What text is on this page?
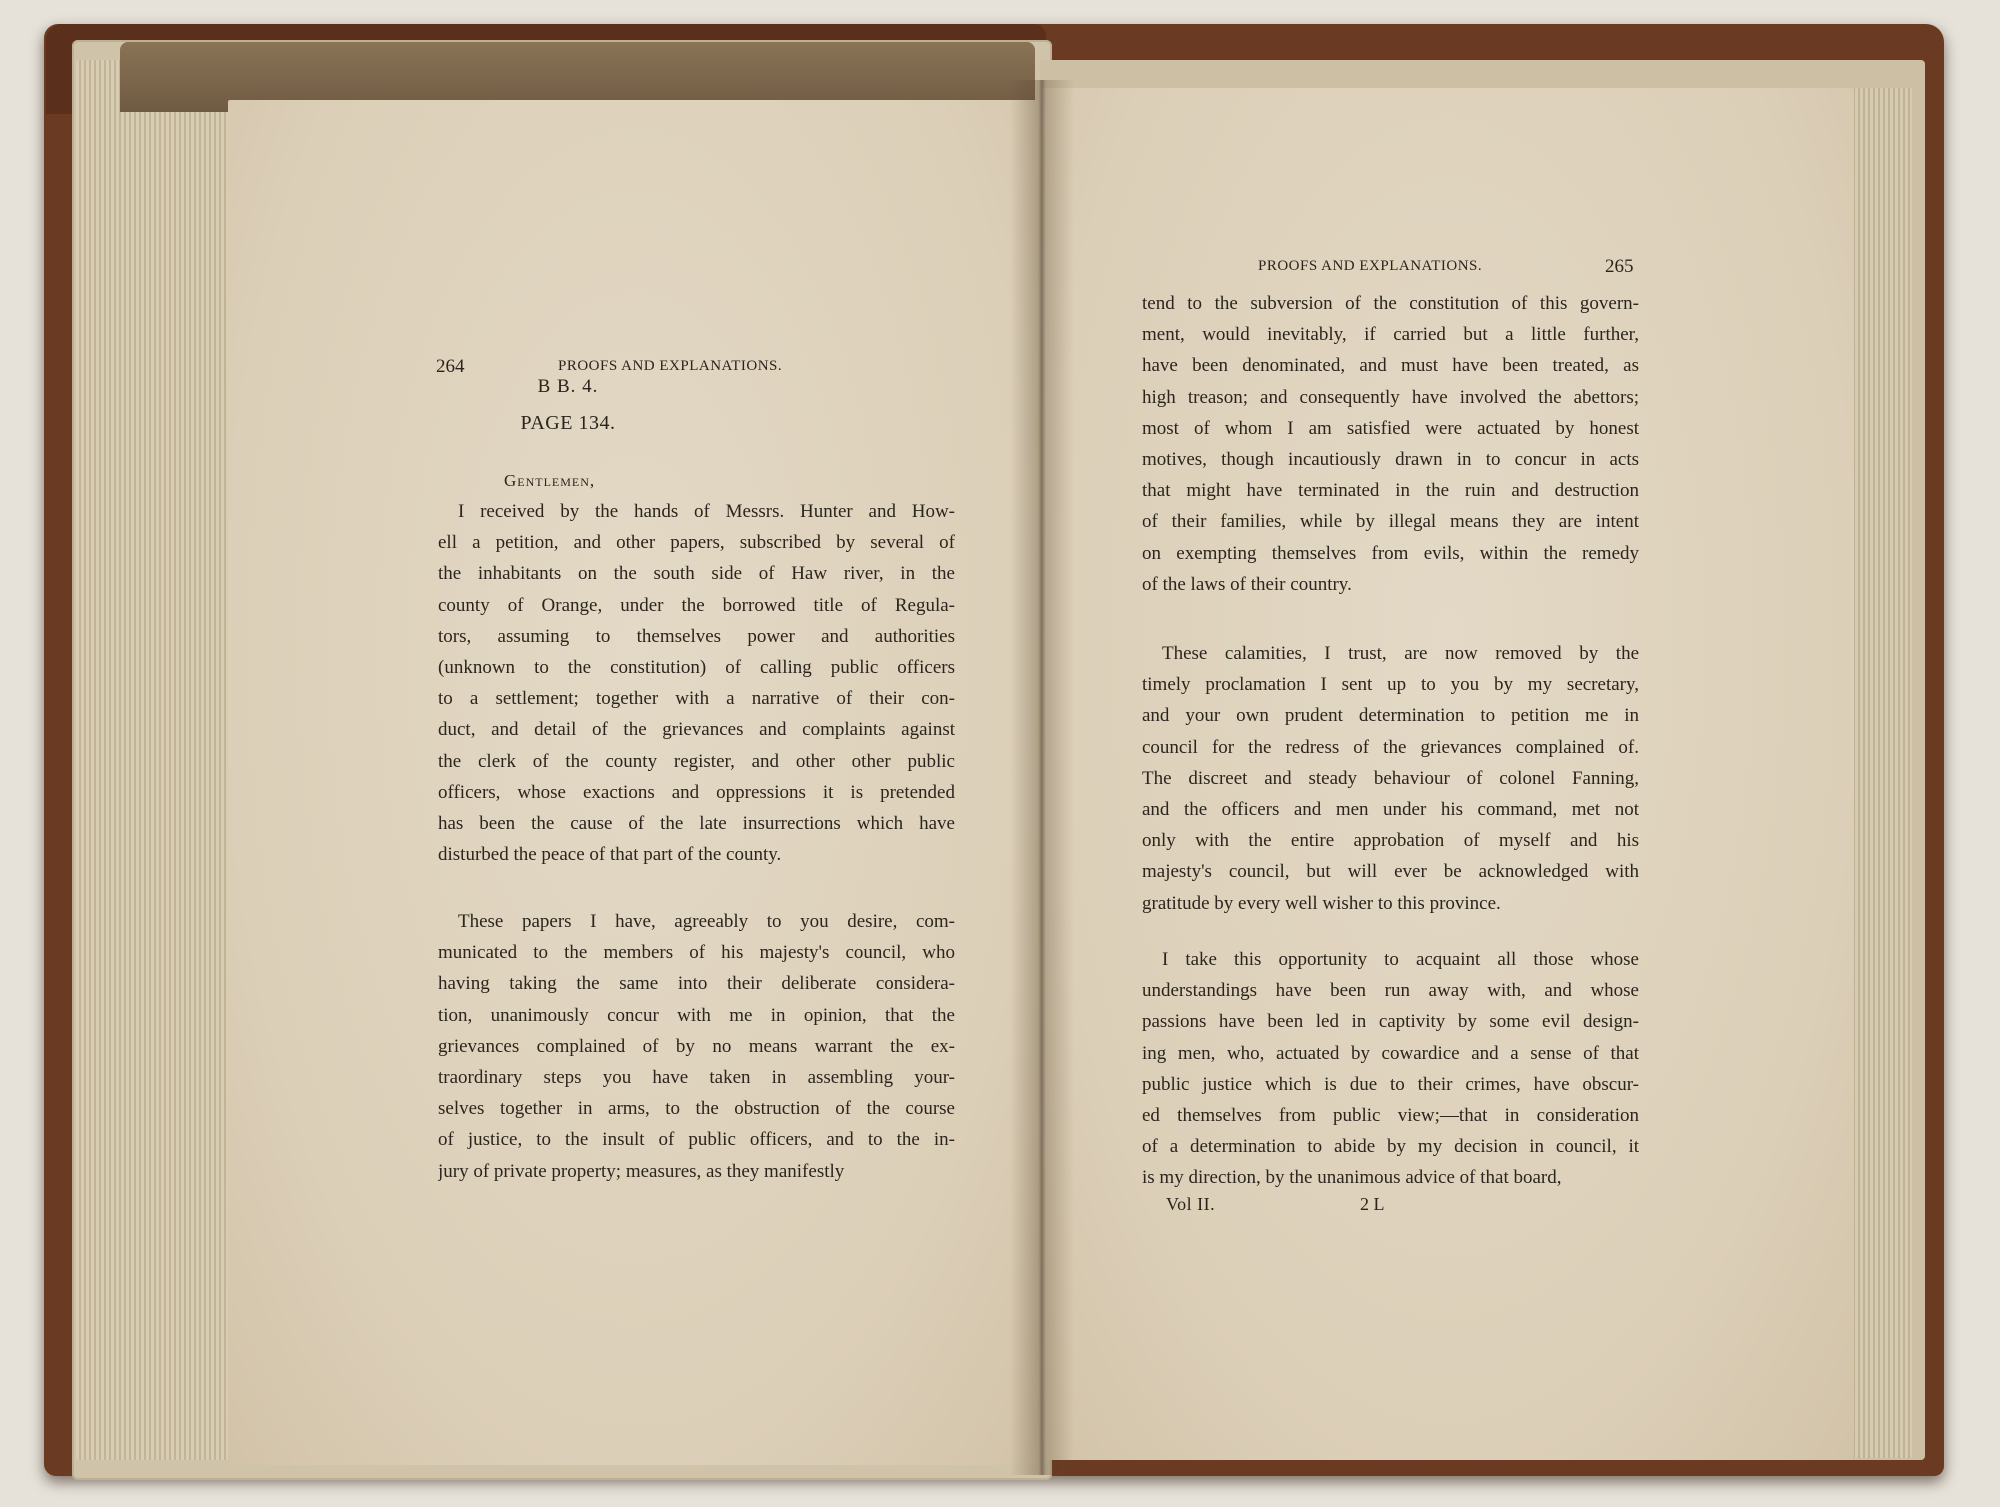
264	PROOFS AND EXPLANATIONS.
B B. 4.
PAGE 134.
Gentlemen,
I received by the hands of Messrs. Hunter and How-
ell a petition, and other papers, subscribed by several of
the inhabitants on the south side of Haw river, in the
county of Orange, under the borrowed title of Regula-
tors, assuming to themselves power and authorities
(unknown to the constitution) of calling public officers
to a settlement; together with a narrative of their con-
duct, and detail of the grievances and complaints against
the clerk of the county register, and other other public
officers, whose exactions and oppressions it is pretended
has been the cause of the late insurrections which have
disturbed the peace of that part of the county.
These papers I have, agreeably to you desire, com-
municated to the members of his majesty's council, who
having taking the same into their deliberate considera-
tion, unanimously concur with me in opinion, that the
grievances complained of by no means warrant the ex-
traordinary steps you have taken in assembling your-
selves together in arms, to the obstruction of the course
of justice, to the insult of public officers, and to the in-
jury of private property; measures, as they manifestly
PROOFS AND EXPLANATIONS.	265
tend to the subversion of the constitution of this govern-
ment, would inevitably, if carried but a little further,
have been denominated, and must have been treated, as
high treason; and consequently have involved the abettors;
most of whom I am satisfied were actuated by honest
motives, though incautiously drawn in to concur in acts
that might have terminated in the ruin and destruction
of their families, while by illegal means they are intent
on exempting themselves from evils, within the remedy
of the laws of their country.
These calamities, I trust, are now removed by the
timely proclamation I sent up to you by my secretary,
and your own prudent determination to petition me in
council for the redress of the grievances complained of.
The discreet and steady behaviour of colonel Fanning,
and the officers and men under his command, met not
only with the entire approbation of myself and his
majesty's council, but will ever be acknowledged with
gratitude by every well wisher to this province.
I take this opportunity to acquaint all those whose
understandings have been run away with, and whose
passions have been led in captivity by some evil design-
ing men, who, actuated by cowardice and a sense of that
public justice which is due to their crimes, have obscur-
ed themselves from public view;—that in consideration
of a determination to abide by my decision in council, it
is my direction, by the unanimous advice of that board,
Vol II.	2 L
